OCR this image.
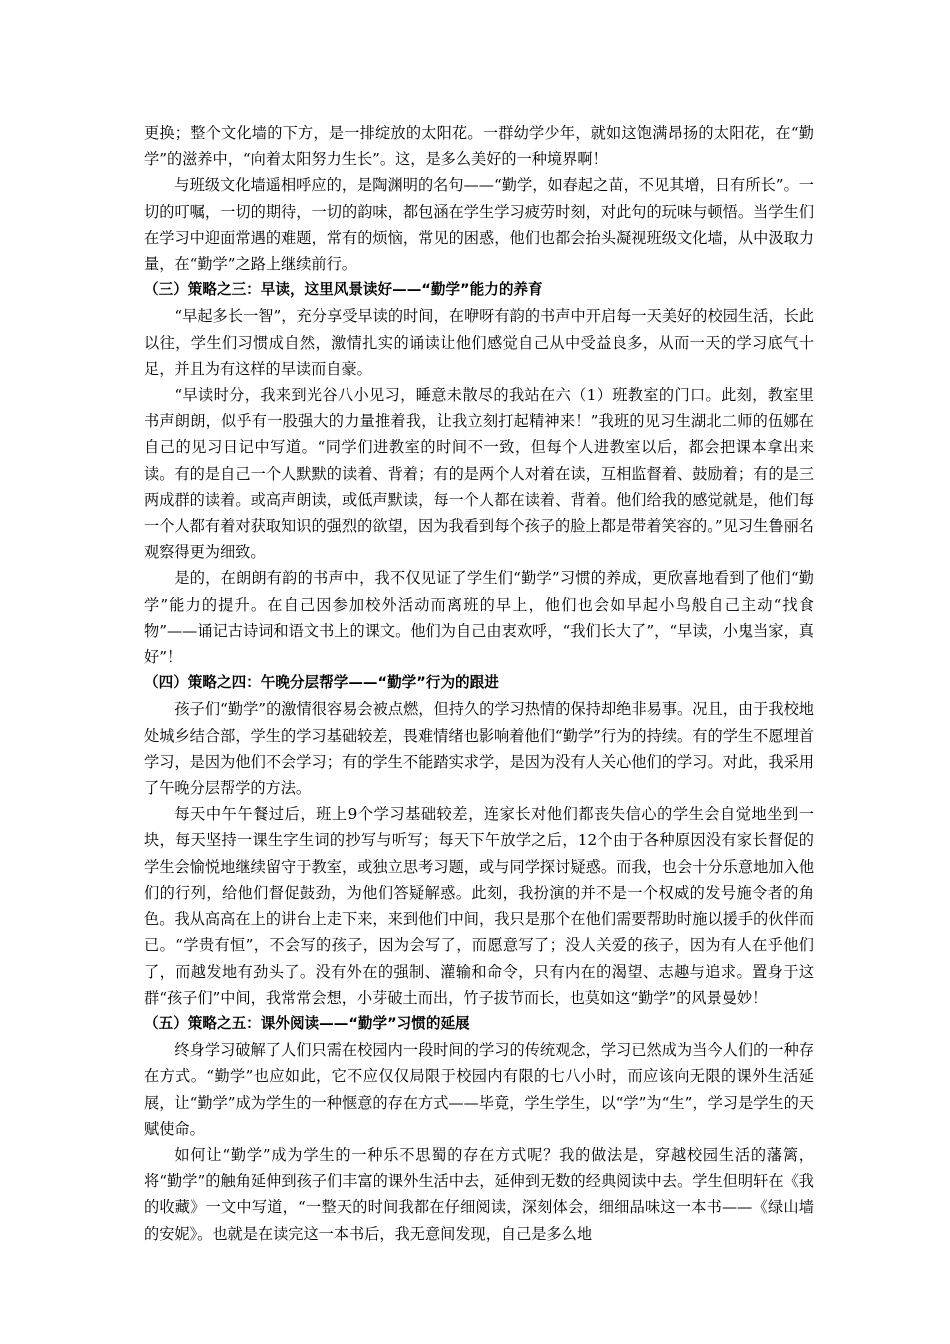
更换；整个文化墙的下方，是一排绽放的太阳花。一群幼学少年，就如这饱满昂扬的太阳花，在“勤学”的滋养中，“向着太阳努力生长”。这，是多么美好的一种境界啊！

与班级文化墙遥相呼应的，是陶渊明的名句——“勤学，如春起之苗，不见其增，日有所长”。一切的叮嘱，一切的期待，一切的韵味，都包涵在学生学习疲劳时刻，对此句的玩味与顿悟。当学生们在学习中迎面常遇的难题，常有的烦恼，常见的困惑，他们也都会抬头凝视班级文化墙，从中汲取力量，在“勤学”之路上继续前行。

（三）策略之三：早读，这里风景读好——“勤学”能力的养育

“早起多长一智”，充分享受早读的时间，在咿呀有韵的书声中开启每一天美好的校园生活，长此以往，学生们习惯成自然，激情扎实的诵读让他们感觉自己从中受益良多，从而一天的学习底气十足，并且为有这样的早读而自豪。

“早读时分，我来到光谷八小见习，睡意未散尽的我站在六（1）班教室的门口。此刻，教室里书声朗朗，似乎有一股强大的力量推着我，让我立刻打起精神来！”我班的见习生湖北二师的伍娜在自己的见习日记中写道。“同学们进教室的时间不一致，但每个人进教室以后，都会把课本拿出来读。有的是自己一个人默默的读着、背着；有的是两个人对着在读，互相监督着、鼓励着；有的是三两成群的读着。或高声朗读，或低声默读，每一个人都在读着、背着。他们给我的感觉就是，他们每一个人都有着对获取知识的强烈的欲望，因为我看到每个孩子的脸上都是带着笑容的。”见习生鲁丽名观察得更为细致。

是的，在朗朗有韵的书声中，我不仅见证了学生们“勤学”习惯的养成，更欣喜地看到了他们“勤学”能力的提升。在自己因参加校外活动而离班的早上，他们也会如早起小鸟般自己主动“找食物”——诵记古诗词和语文书上的课文。他们为自己由衷欢呼，“我们长大了”，“早读，小鬼当家，真好”！

（四）策略之四：午晚分层帮学——“勤学”行为的跟进

孩子们“勤学”的激情很容易会被点燃，但持久的学习热情的保持却绝非易事。况且，由于我校地处城乡结合部，学生的学习基础较差，畏难情绪也影响着他们“勤学”行为的持续。有的学生不愿埋首学习，是因为他们不会学习；有的学生不能踏实求学，是因为没有人关心他们的学习。对此，我采用了午晚分层帮学的方法。

每天中午午餐过后，班上9个学习基础较差，连家长对他们都丧失信心的学生会自觉地坐到一块，每天坚持一课生字生词的抄写与听写；每天下午放学之后，12个由于各种原因没有家长督促的学生会愉悦地继续留守于教室，或独立思考习题，或与同学探讨疑惑。而我，也会十分乐意地加入他们的行列，给他们督促鼓劲，为他们答疑解惑。此刻，我扮演的并不是一个权威的发号施令者的角色。我从高高在上的讲台上走下来，来到他们中间，我只是那个在他们需要帮助时施以援手的伙伴而已。“学贵有恒”，不会写的孩子，因为会写了，而愿意写了；没人关爱的孩子，因为有人在乎他们了，而越发地有劲头了。没有外在的强制、灌输和命令，只有内在的渴望、志趣与追求。置身于这群“孩子们”中间，我常常会想，小芽破土而出，竹子拔节而长，也莫如这“勤学”的风景曼妙！

（五）策略之五：课外阅读——“勤学”习惯的延展

终身学习破解了人们只需在校园内一段时间的学习的传统观念，学习已然成为当今人们的一种存在方式。“勤学”也应如此，它不应仅仅局限于校园内有限的七八小时，而应该向无限的课外生活延展，让“勤学”成为学生的一种惬意的存在方式——毕竟，学生学生，以“学”为“生”，学习是学生的天赋使命。

如何让“勤学”成为学生的一种乐不思蜀的存在方式呢？我的做法是，穿越校园生活的藩篱，将“勤学”的触角延伸到孩子们丰富的课外生活中去，延伸到无数的经典阅读中去。学生但明轩在《我的收藏》一文中写道，“一整天的时间我都在仔细阅读，深刻体会，细细品味这一本书——《绿山墙的安妮》。也就是在读完这一本书后，我无意间发现，自己是多么地
